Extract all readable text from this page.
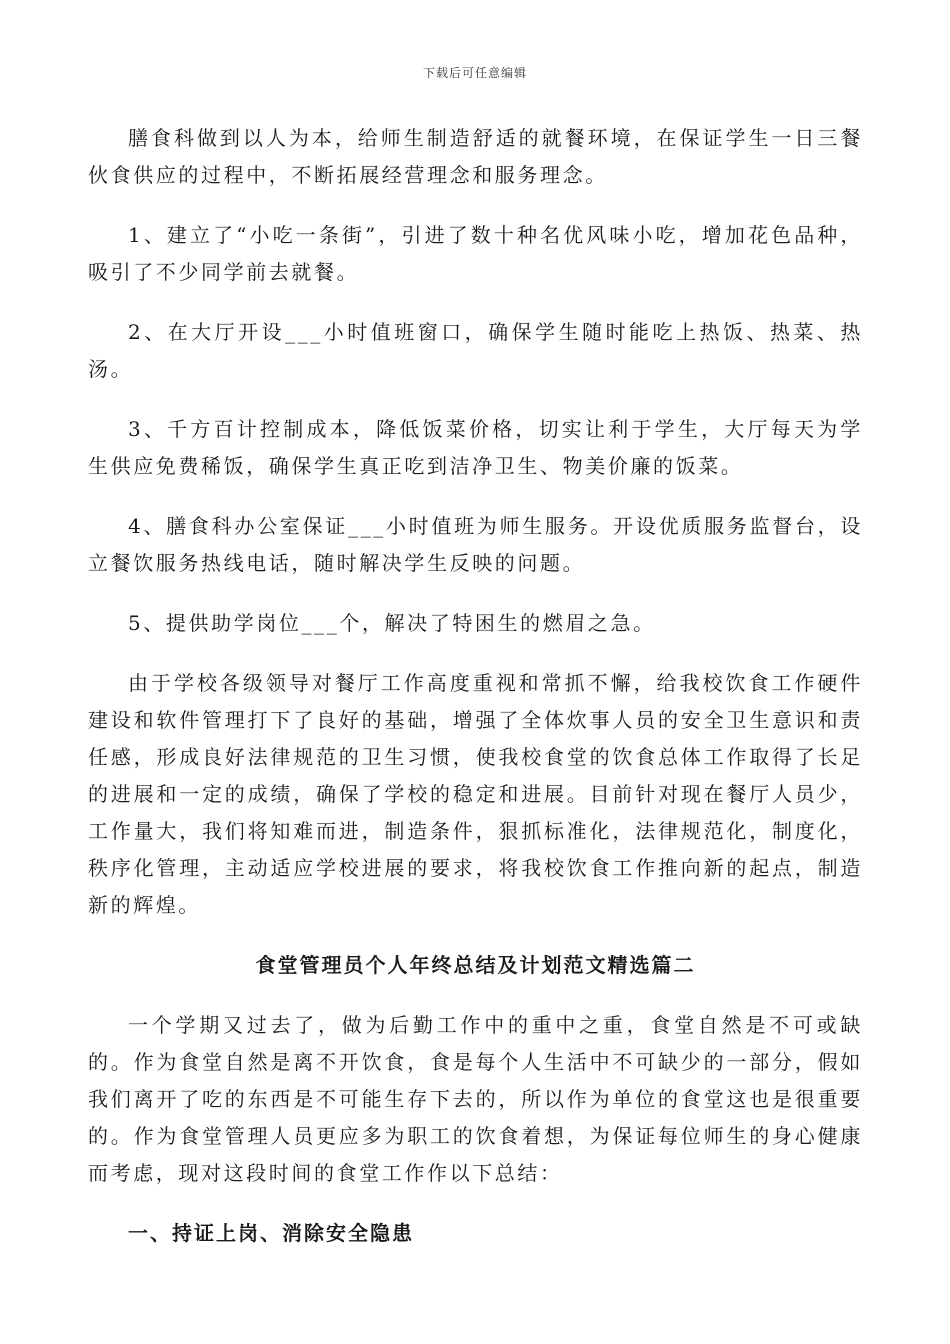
下载后可任意编辑

膳食科做到以人为本，给师生制造舒适的就餐环境，在保证学生一日三餐伙食供应的过程中，不断拓展经营理念和服务理念。

1、建立了“小吃一条街”，引进了数十种名优风味小吃，增加花色品种，吸引了不少同学前去就餐。

2、在大厅开设___小时值班窗口，确保学生随时能吃上热饭、热菜、热汤。

3、千方百计控制成本，降低饭菜价格，切实让利于学生，大厅每天为学生供应免费稀饭，确保学生真正吃到洁净卫生、物美价廉的饭菜。

4、膳食科办公室保证___小时值班为师生服务。开设优质服务监督台，设立餐饮服务热线电话，随时解决学生反映的问题。

5、提供助学岗位___个，解决了特困生的燃眉之急。

由于学校各级领导对餐厅工作高度重视和常抓不懈，给我校饮食工作硬件建设和软件管理打下了良好的基础，增强了全体炊事人员的安全卫生意识和责任感，形成良好法律规范的卫生习惯，使我校食堂的饮食总体工作取得了长足的进展和一定的成绩，确保了学校的稳定和进展。目前针对现在餐厅人员少，工作量大，我们将知难而进，制造条件，狠抓标准化，法律规范化，制度化，秩序化管理，主动适应学校进展的要求，将我校饮食工作推向新的起点，制造新的辉煌。

食堂管理员个人年终总结及计划范文精选篇二

一个学期又过去了，做为后勤工作中的重中之重，食堂自然是不可或缺的。作为食堂自然是离不开饮食，食是每个人生活中不可缺少的一部分，假如我们离开了吃的东西是不可能生存下去的，所以作为单位的食堂这也是很重要的。作为食堂管理人员更应多为职工的饮食着想，为保证每位师生的身心健康而考虑，现对这段时间的食堂工作作以下总结：

一、持证上岗、消除安全隐患
